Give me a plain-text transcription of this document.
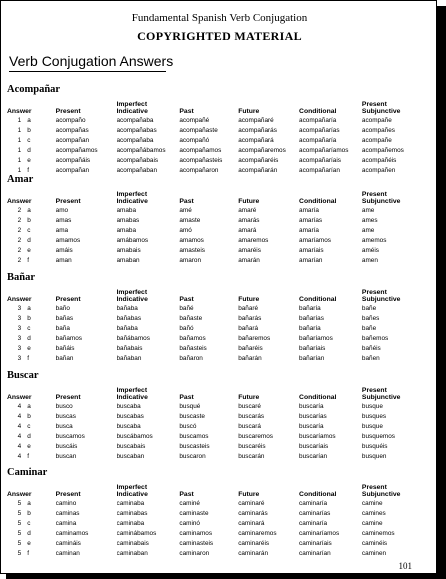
Fundamental Spanish Verb Conjugation
COPYRIGHTED MATERIAL
Verb Conjugation Answers
Acompañar
Answer		Present	Imperfect
Indicative	Past	Future	Conditional	Present
Subjunctive
1	a	acompaño	acompañaba	acompañé	acompañaré	acompañaría	acompañe
1	b	acompañas	acompañabas	acompañaste	acompañarás	acompañarías	acompañes
1	c	acompañan	acompañaba	acompañó	acompañará	acompañaría	acompañe
1	d	acompañamos	acompañábamos	acompañamos	acompañaremos	acompañaríamos	acompañemos
1	e	acompañáis	acompañabais	acompañasteis	acompañaréis	acompañaríais	acompañéis
1	f	acompañan	acompañaban	acompañaron	acompañarán	acompañarían	acompañen
Amar
Answer		Present	Imperfect
Indicative	Past	Future	Conditional	Present
Subjunctive
2	a	amo	amaba	amé	amaré	amaría	ame
2	b	amas	amabas	amaste	amarás	amarías	ames
2	c	ama	amaba	amó	amará	amaría	ame
2	d	amamos	amábamos	amamos	amaremos	amaríamos	amemos
2	e	amáis	amabais	amasteis	amaréis	amaríais	améis
2	f	aman	amaban	amaron	amarán	amarían	amen
Bañar
Answer		Present	Imperfect
Indicative	Past	Future	Conditional	Present
Subjunctive
3	a	baño	bañaba	bañé	bañaré	bañaría	bañe
3	b	bañas	bañabas	bañaste	bañarás	bañarías	bañes
3	c	baña	bañaba	bañó	bañará	bañaría	bañe
3	d	bañamos	bañábamos	bañamos	bañaremos	bañaríamos	bañemos
3	e	bañáis	bañabais	bañasteis	bañaréis	bañaríais	bañéis
3	f	bañan	bañaban	bañaron	bañarán	bañarían	bañen
Buscar
Answer		Present	Imperfect
Indicative	Past	Future	Conditional	Present
Subjunctive
4	a	busco	buscaba	busqué	buscaré	buscaría	busque
4	b	buscas	buscabas	buscaste	buscarás	buscarías	busques
4	c	busca	buscaba	buscó	buscará	buscaría	busque
4	d	buscamos	buscábamos	buscamos	buscaremos	buscaríamos	busquemos
4	e	buscáis	buscabais	buscasteis	buscaréis	buscaríais	busquéis
4	f	buscan	buscaban	buscaron	buscarán	buscarían	busquen
Caminar
Answer		Present	Imperfect
Indicative	Past	Future	Conditional	Present
Subjunctive
5	a	camino	caminaba	caminé	caminaré	caminaría	camine
5	b	caminas	caminabas	caminaste	caminarás	caminarías	camines
5	c	camina	caminaba	caminó	caminará	caminaría	camine
5	d	caminamos	caminábamos	caminamos	caminaremos	caminaríamos	caminemos
5	e	camináis	caminabais	caminasteis	caminaréis	caminaríais	caminéis
5	f	caminan	caminaban	caminaron	caminarán	caminarían	caminen
101
